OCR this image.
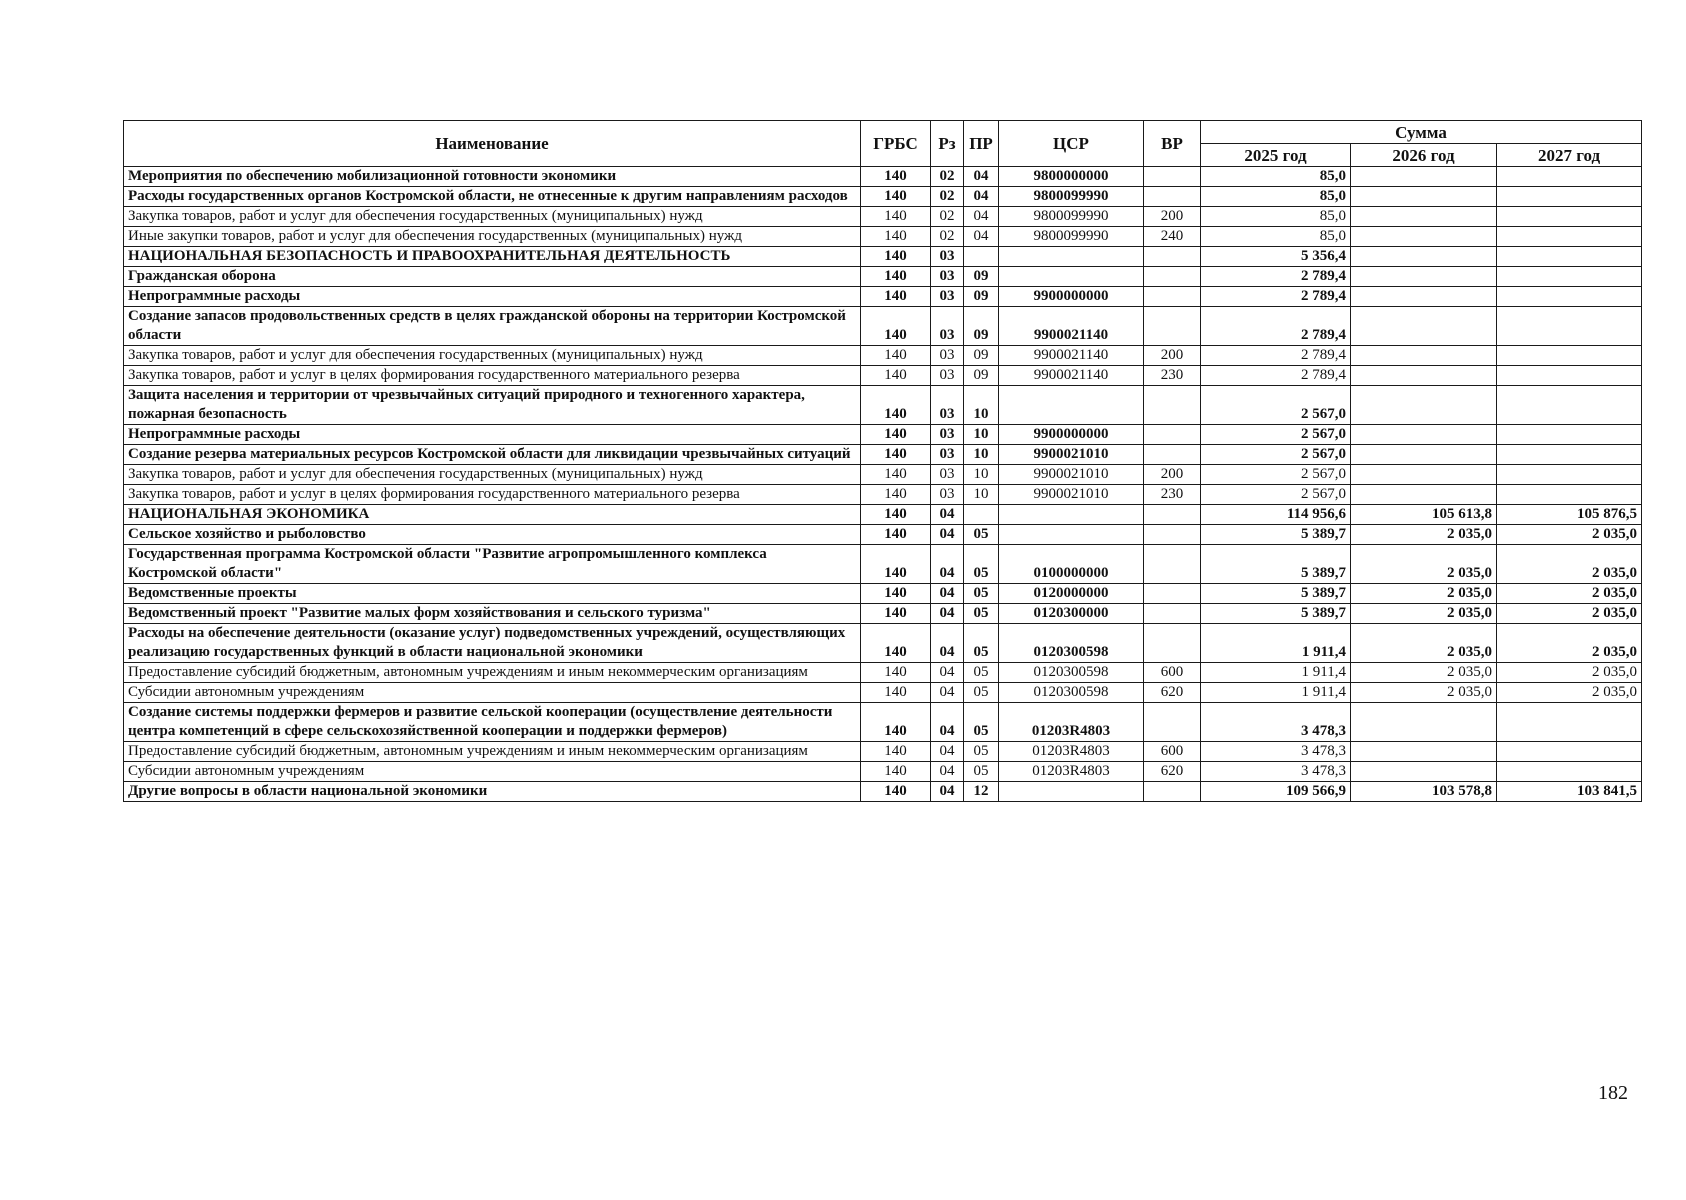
Наименование	ГРБС	Рз	ПР	ЦСР	ВР	Сумма		
						2025 год	2026 год	2027 год
Мероприятия по обеспечению мобилизационной готовности экономики	140	02	04	9800000000		85,0		
Расходы государственных органов Костромской области, не отнесенные к другим направлениям расходов	140	02	04	9800099990		85,0		
Закупка товаров, работ и услуг для обеспечения государственных (муниципальных) нужд	140	02	04	9800099990	200	85,0		
Иные закупки товаров, работ и услуг для обеспечения государственных (муниципальных) нужд	140	02	04	9800099990	240	85,0		
НАЦИОНАЛЬНАЯ БЕЗОПАСНОСТЬ И ПРАВООХРАНИТЕЛЬНАЯ ДЕЯТЕЛЬНОСТЬ	140	03				5 356,4		
Гражданская оборона	140	03	09			2 789,4		
Непрограммные расходы	140	03	09	9900000000		2 789,4		
Создание запасов продовольственных средств в целях гражданской обороны на территории Костромской области	140	03	09	9900021140		2 789,4		
Закупка товаров, работ и услуг для обеспечения государственных (муниципальных) нужд	140	03	09	9900021140	200	2 789,4		
Закупка товаров, работ и услуг в целях формирования государственного материального резерва	140	03	09	9900021140	230	2 789,4		
Защита населения и территории от чрезвычайных ситуаций природного и техногенного характера, пожарная безопасность	140	03	10			2 567,0		
Непрограммные расходы	140	03	10	9900000000		2 567,0		
Создание резерва материальных ресурсов Костромской области для ликвидации чрезвычайных ситуаций	140	03	10	9900021010		2 567,0		
Закупка товаров, работ и услуг для обеспечения государственных (муниципальных) нужд	140	03	10	9900021010	200	2 567,0		
Закупка товаров, работ и услуг в целях формирования государственного материального резерва	140	03	10	9900021010	230	2 567,0		
НАЦИОНАЛЬНАЯ ЭКОНОМИКА	140	04				114 956,6	105 613,8	105 876,5
Сельское хозяйство и рыболовство	140	04	05			5 389,7	2 035,0	2 035,0
Государственная программа Костромской области "Развитие агропромышленного комплекса Костромской области"	140	04	05	0100000000		5 389,7	2 035,0	2 035,0
Ведомственные проекты	140	04	05	0120000000		5 389,7	2 035,0	2 035,0
Ведомственный проект "Развитие малых форм хозяйствования и сельского туризма"	140	04	05	0120300000		5 389,7	2 035,0	2 035,0
Расходы на обеспечение деятельности (оказание услуг) подведомственных учреждений, осуществляющих реализацию государственных функций в области национальной экономики	140	04	05	0120300598		1 911,4	2 035,0	2 035,0
Предоставление субсидий бюджетным, автономным учреждениям и иным некоммерческим организациям	140	04	05	0120300598	600	1 911,4	2 035,0	2 035,0
Субсидии автономным учреждениям	140	04	05	0120300598	620	1 911,4	2 035,0	2 035,0
Создание системы поддержки фермеров и развитие сельской кооперации (осуществление деятельности центра компетенций в сфере сельскохозяйственной кооперации и поддержки фермеров)	140	04	05	01203R4803		3 478,3		
Предоставление субсидий бюджетным, автономным учреждениям и иным некоммерческим организациям	140	04	05	01203R4803	600	3 478,3		
Субсидии автономным учреждениям	140	04	05	01203R4803	620	3 478,3		
Другие вопросы в области национальной экономики	140	04	12			109 566,9	103 578,8	103 841,5
182
